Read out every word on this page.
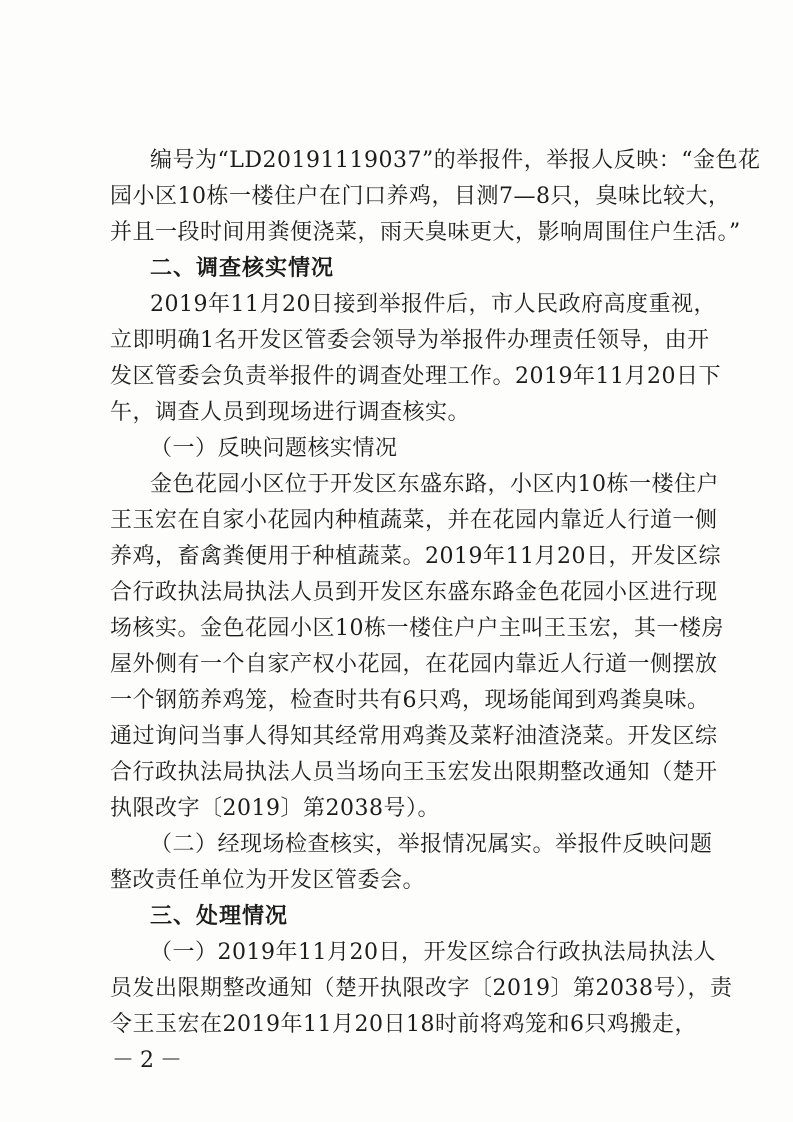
编号为“LD20191119037”的举报件，举报人反映：“金色花
园小区10栋一楼住户在门口养鸡，目测7—8只，臭味比较大，
并且一段时间用粪便浇菜，雨天臭味更大，影响周围住户生活。”
二、调查核实情况
2019年11月20日接到举报件后，市人民政府高度重视，
立即明确1名开发区管委会领导为举报件办理责任领导，由开
发区管委会负责举报件的调查处理工作。2019年11月20日下
午，调查人员到现场进行调查核实。
（一）反映问题核实情况
金色花园小区位于开发区东盛东路，小区内10栋一楼住户
王玉宏在自家小花园内种植蔬菜，并在花园内靠近人行道一侧
养鸡，畜禽粪便用于种植蔬菜。2019年11月20日，开发区综
合行政执法局执法人员到开发区东盛东路金色花园小区进行现
场核实。金色花园小区10栋一楼住户户主叫王玉宏，其一楼房
屋外侧有一个自家产权小花园，在花园内靠近人行道一侧摆放
一个钢筋养鸡笼，检查时共有6只鸡，现场能闻到鸡粪臭味。
通过询问当事人得知其经常用鸡粪及菜籽油渣浇菜。开发区综
合行政执法局执法人员当场向王玉宏发出限期整改通知（楚开
执限改字〔2019〕第2038号）。
（二）经现场检查核实，举报情况属实。举报件反映问题
整改责任单位为开发区管委会。
三、处理情况
（一）2019年11月20日，开发区综合行政执法局执法人
员发出限期整改通知（楚开执限改字〔2019〕第2038号），责
令王玉宏在2019年11月20日18时前将鸡笼和6只鸡搬走，
－2－
